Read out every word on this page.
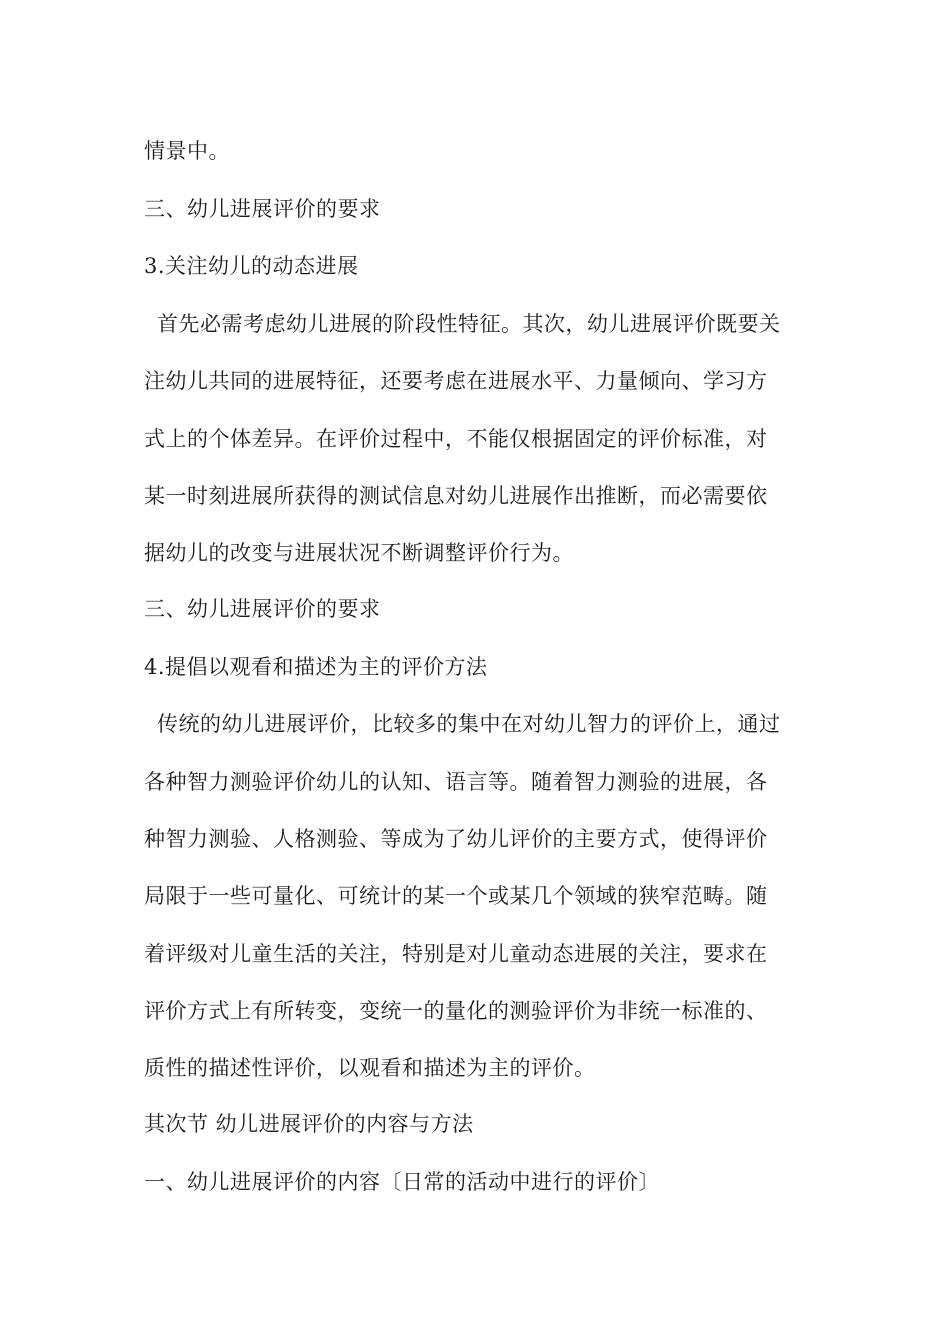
情景中。
三、幼儿进展评价的要求
3.关注幼儿的动态进展
首先必需考虑幼儿进展的阶段性特征。其次，幼儿进展评价既要关
注幼儿共同的进展特征，还要考虑在进展水平、力量倾向、学习方
式上的个体差异。在评价过程中，不能仅根据固定的评价标准，对
某一时刻进展所获得的测试信息对幼儿进展作出推断，而必需要依
据幼儿的改变与进展状况不断调整评价行为。
三、幼儿进展评价的要求
4.提倡以观看和描述为主的评价方法
传统的幼儿进展评价，比较多的集中在对幼儿智力的评价上，通过
各种智力测验评价幼儿的认知、语言等。随着智力测验的进展，各
种智力测验、人格测验、等成为了幼儿评价的主要方式，使得评价
局限于一些可量化、可统计的某一个或某几个领域的狭窄范畴。随
着评级对儿童生活的关注，特别是对儿童动态进展的关注，要求在
评价方式上有所转变，变统一的量化的测验评价为非统一标准的、
质性的描述性评价，以观看和描述为主的评价。
其次节 幼儿进展评价的内容与方法
一、幼儿进展评价的内容〔日常的活动中进行的评价〕
